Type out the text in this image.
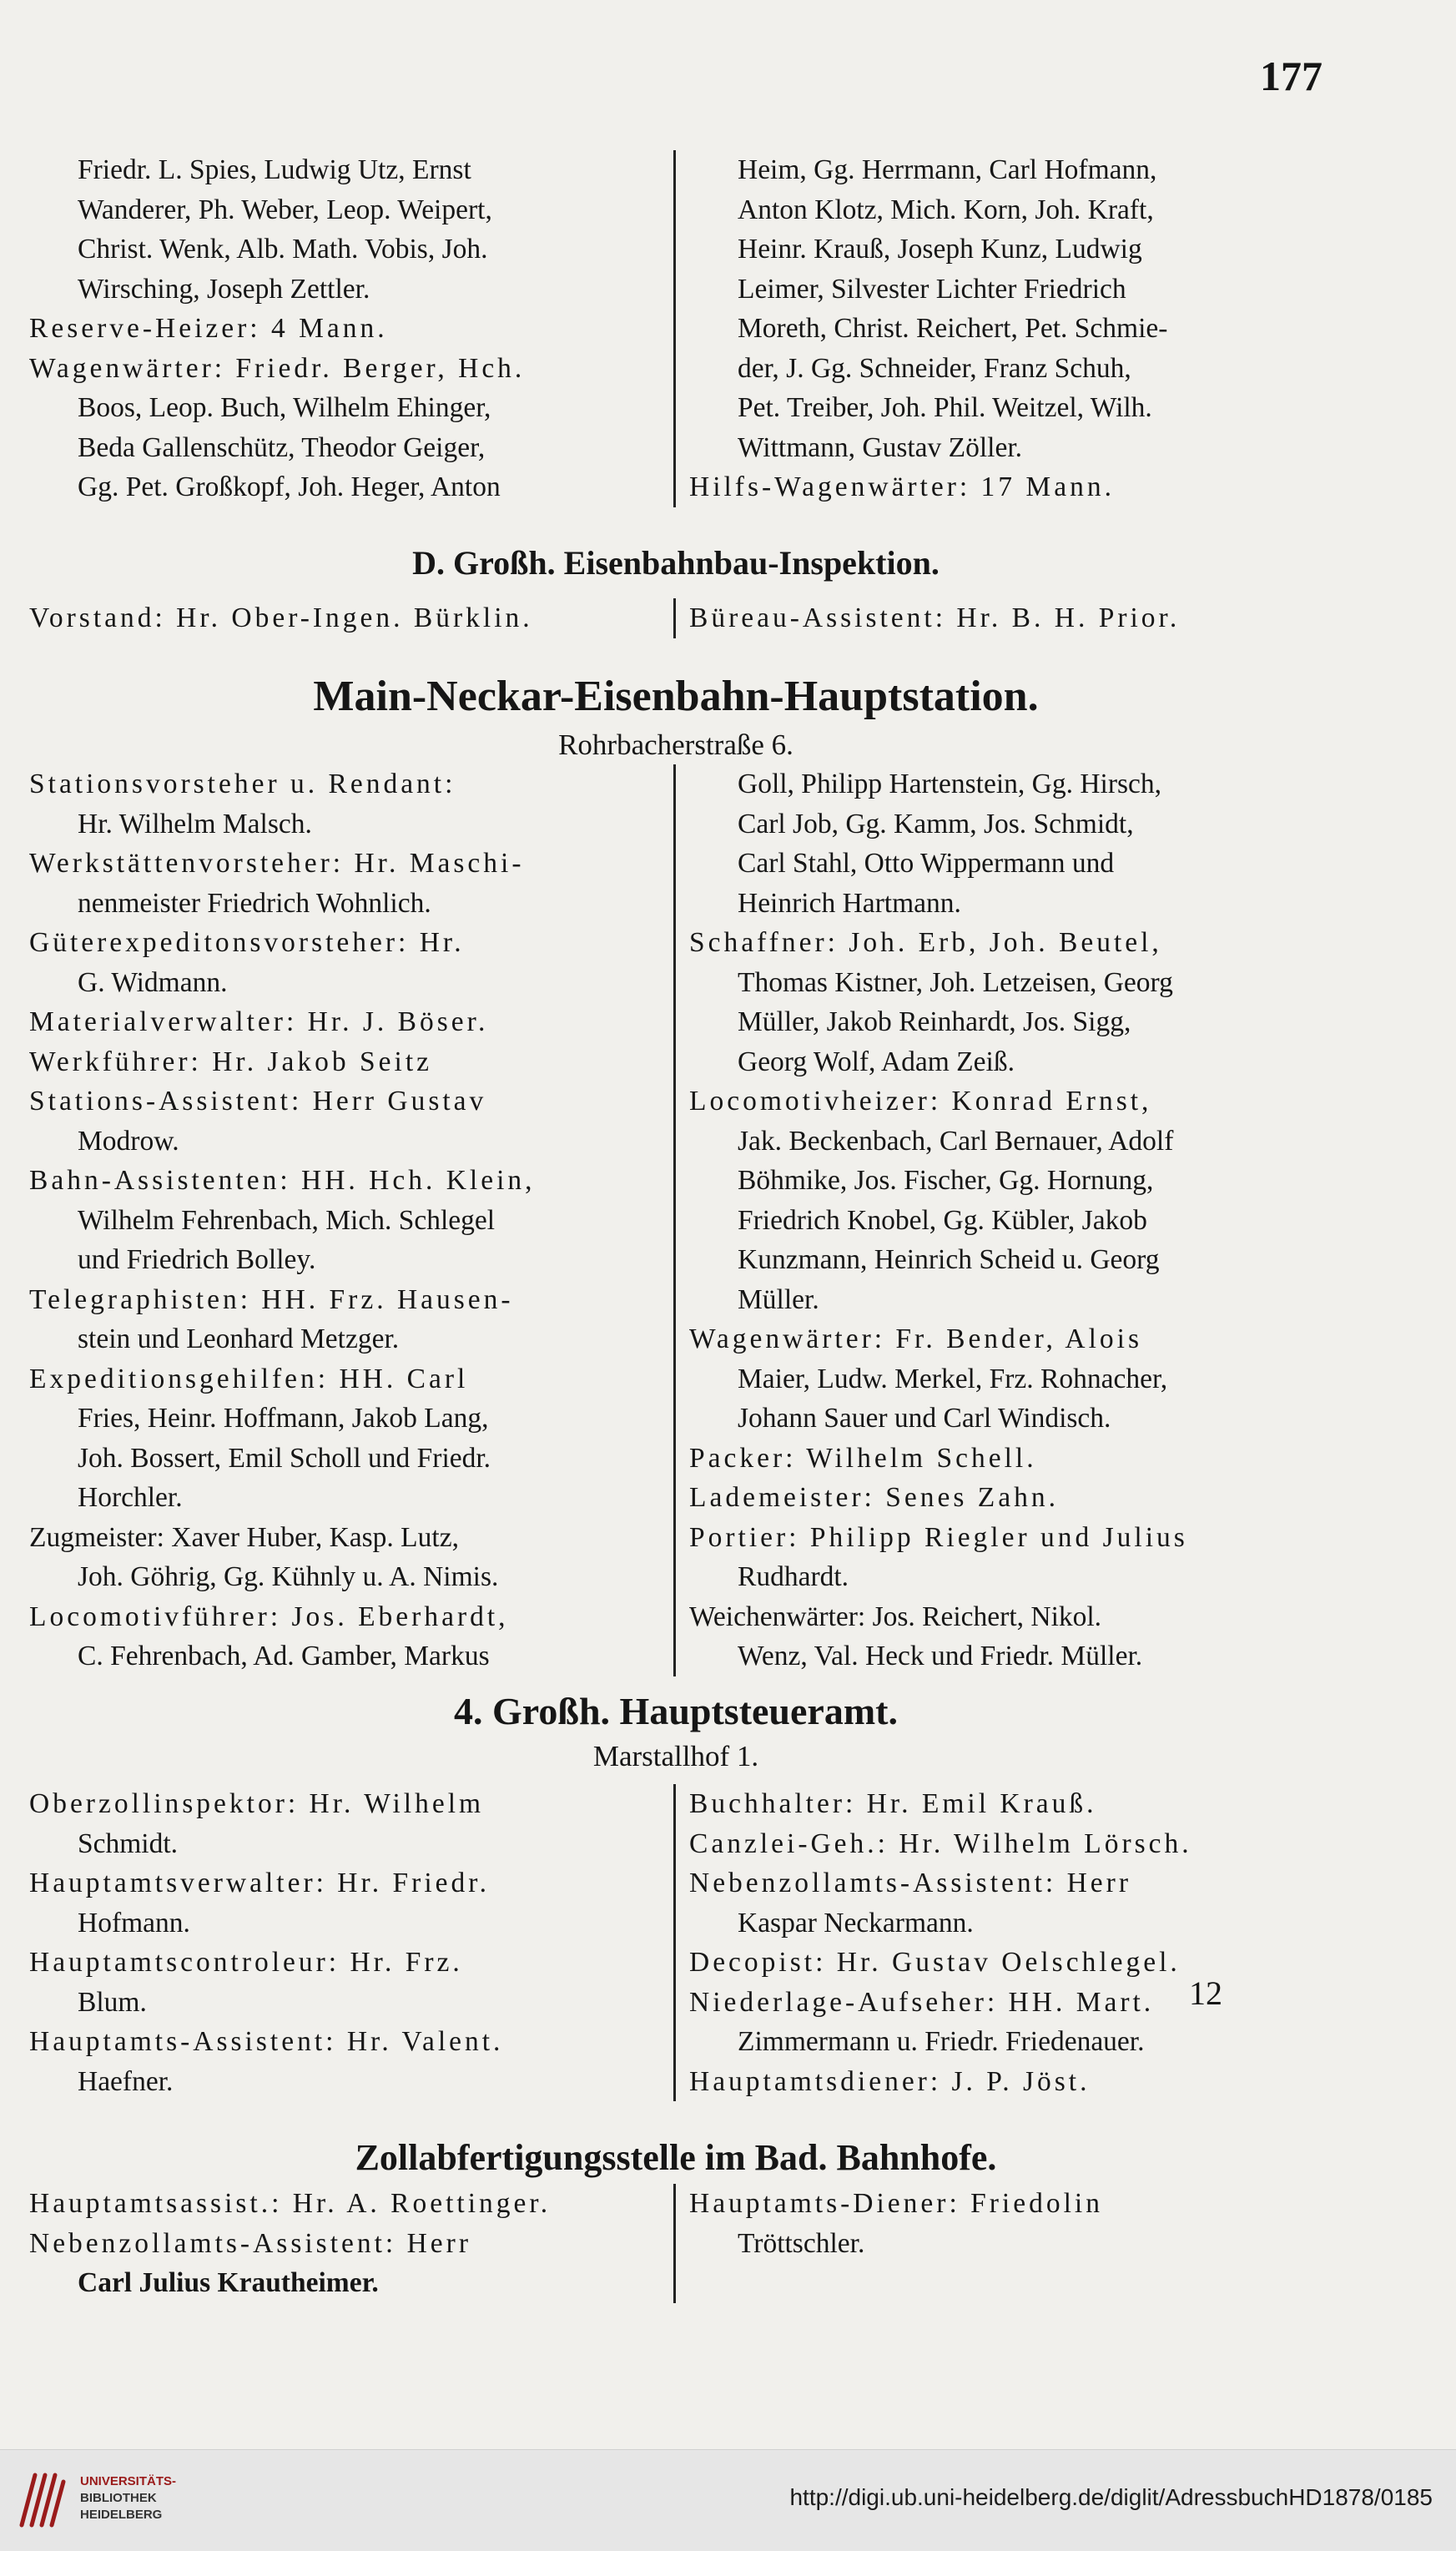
177
Friedr. L. Spies, Ludwig Utz, Ernst
Wanderer, Ph. Weber, Leop. Weipert,
Christ. Wenk, Alb. Math. Vobis, Joh.
Wirsching, Joseph Zettler.
Reserve-Heizer: 4 Mann.
Wagenwärter: Friedr. Berger, Hch.
Boos, Leop. Buch, Wilhelm Ehinger,
Beda Gallenschütz, Theodor Geiger,
Gg. Pet. Großkopf, Joh. Heger, Anton
Heim, Gg. Herrmann, Carl Hofmann,
Anton Klotz, Mich. Korn, Joh. Kraft,
Heinr. Krauß, Joseph Kunz, Ludwig
Leimer, Silvester Lichter Friedrich
Moreth, Christ. Reichert, Pet. Schmie-
der, J. Gg. Schneider, Franz Schuh,
Pet. Treiber, Joh. Phil. Weitzel, Wilh.
Wittmann, Gustav Zöller.
Hilfs-Wagenwärter: 17 Mann.
D. Großh. Eisenbahnbau-Inspektion.
Vorstand: Hr. Ober-Ingen. Bürklin.	Büreau-Assistent: Hr. B. H. Prior.
Main-Neckar-Eisenbahn-Hauptstation.
Rohrbacherstraße 6.
Stationsvorsteher u. Rendant:
Hr. Wilhelm Malsch.
Werkstättenvorsteher: Hr. Maschi-
nenmeister Friedrich Wohnlich.
Güterexpeditonsvorsteher: Hr.
G. Widmann.
Materialverwalter: Hr. J. Böser.
Werkführer: Hr. Jakob Seitz
Stations-Assistent: Herr Gustav
Modrow.
Bahn-Assistenten: HH. Hch. Klein,
Wilhelm Fehrenbach, Mich. Schlegel
und Friedrich Bolley.
Telegraphisten: HH. Frz. Hausen-
stein und Leonhard Metzger.
Expeditionsgehilfen: HH. Carl
Fries, Heinr. Hoffmann, Jakob Lang,
Joh. Bossert, Emil Scholl und Friedr.
Horchler.
Zugmeister: Xaver Huber, Kasp. Lutz,
Joh. Göhrig, Gg. Kühnly u. A. Nimis.
Locomotivführer: Jos. Eberhardt,
C. Fehrenbach, Ad. Gamber, Markus
Goll, Philipp Hartenstein, Gg. Hirsch,
Carl Job, Gg. Kamm, Jos. Schmidt,
Carl Stahl, Otto Wippermann und
Heinrich Hartmann.
Schaffner: Joh. Erb, Joh. Beutel,
Thomas Kistner, Joh. Letzeisen, Georg
Müller, Jakob Reinhardt, Jos. Sigg,
Georg Wolf, Adam Zeiß.
Locomotivheizer: Konrad Ernst,
Jak. Beckenbach, Carl Bernauer, Adolf
Böhmike, Jos. Fischer, Gg. Hornung,
Friedrich Knobel, Gg. Kübler, Jakob
Kunzmann, Heinrich Scheid u. Georg
Müller.
Wagenwärter: Fr. Bender, Alois
Maier, Ludw. Merkel, Frz. Rohnacher,
Johann Sauer und Carl Windisch.
Packer: Wilhelm Schell.
Lademeister: Senes Zahn.
Portier: Philipp Riegler und Julius
Rudhardt.
Weichenwärter: Jos. Reichert, Nikol.
Wenz, Val. Heck und Friedr. Müller.
4. Großh. Hauptsteueramt.
Marstallhof 1.
Oberzollinspektor: Hr. Wilhelm
Schmidt.
Hauptamtsverwalter: Hr. Friedr.
Hofmann.
Hauptamtscontroleur: Hr. Frz.
Blum.
Hauptamts-Assistent: Hr. Valent.
Haefner.
Buchhalter: Hr. Emil Krauß.
Canzlei-Geh.: Hr. Wilhelm Lörsch.
Nebenzollamts-Assistent: Herr
Kaspar Neckarmann.
Decopist: Hr. Gustav Oelschlegel.
Niederlage-Aufseher: HH. Mart.
Zimmermann u. Friedr. Friedenauer.
Hauptamtsdiener: J. P. Jöst.
Zollabfertigungsstelle im Bad. Bahnhofe.
Hauptamtsassist.: Hr. A. Roettinger.
Nebenzollamts-Assistent: Herr
Carl Julius Krautheimer.
Hauptamts-Diener: Friedolin
Tröttschler.
12
UNIVERSITÄTS-
BIBLIOTHEK
HEIDELBERG
http://digi.ub.uni-heidelberg.de/diglit/AdressbuchHD1878/0185
